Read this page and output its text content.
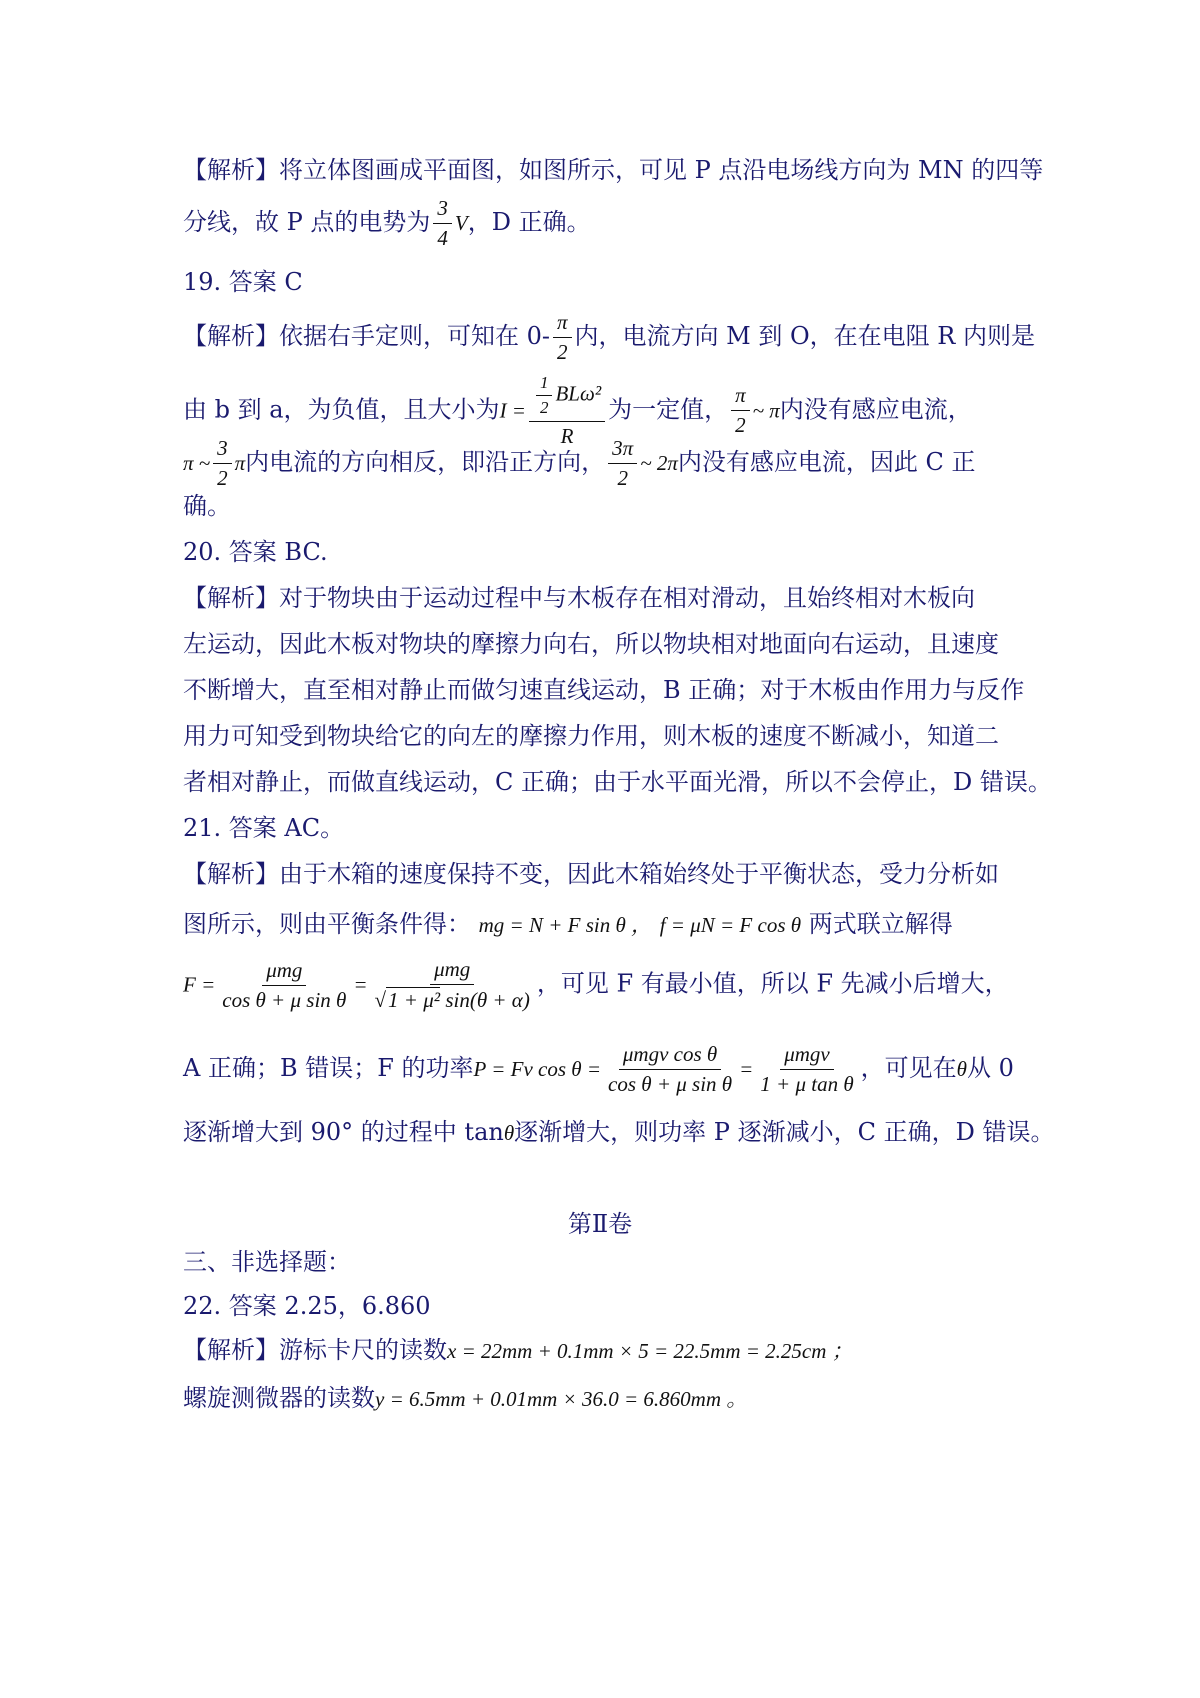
【解析】将立体图画成平面图，如图所示，可见 P 点沿电场线方向为 MN 的四等
分线，故 P 点的电势为 $\frac{3}{4}$ V，D 正确。
19. 答案 C
【解析】依据右手定则，可知在 $0- \frac{\pi}{2}$ 内，电流方向 M 到 O，在在电阻 R 内则是
由 b 到 a，为负值，且大小为$I = \frac{\frac{1}{2} BL\omega^2}{R}$ 为一定值， $\frac{\pi}{2}$ ~ π内没有感应电流，
π ~ $\frac{3}{2}$ π内电流的方向相反，即沿正方向， $\frac{3\pi}{2}$ ~ 2π内没有感应电流，因此 C 正
确。
20. 答案 BC.
【解析】对于物块由于运动过程中与木板存在相对滑动，且始终相对木板向
左运动，因此木板对物块的摩擦力向右，所以物块相对地面向右运动，且速度
不断增大，直至相对静止而做匀速直线运动，B 正确；对于木板由作用力与反作
用力可知受到物块给它的向左的摩擦力作用，则木板的速度不断减小，知道二
者相对静止，而做直线运动，C 正确；由于水平面光滑，所以不会停止，D 错误。
21. 答案 AC。
【解析】由于木箱的速度保持不变，因此木箱始终处于平衡状态，受力分析如
图所示，则由平衡条件得： mg = N + F sin θ ， f = μN = F cos θ 两式联立解得
$F = \frac{\text{μmg}}{\text{cos θ + μ sin θ}} = \frac{\text{μmg}}{\text{√1 + μ² sin(θ + α)}}$ ，可见 F 有最小值，所以 F 先减小后增大，
A 正确；B 错误；F 的功率P = Fv $\cos \theta = \frac{\text{μmgv cos θ}}{\text{cos θ + μ sin θ}} = \frac{\text{μmgv}}{\text{1 + μ tan θ}}$ ，可见在θ从 0
逐渐增大到 90° 的过程中 tanθ逐渐增大，则功率 P 逐渐减小，C 正确，D 错误。
第Ⅱ卷
三、非选择题：
22. 答案 2.25，6.860
【解析】游标卡尺的读数x = 22mm + 0.1mm × 5 = 22.5mm = 2.25cm ；
螺旋测微器的读数y = 6.5mm + 0.01mm × 36.0 = 6.860mm 。
